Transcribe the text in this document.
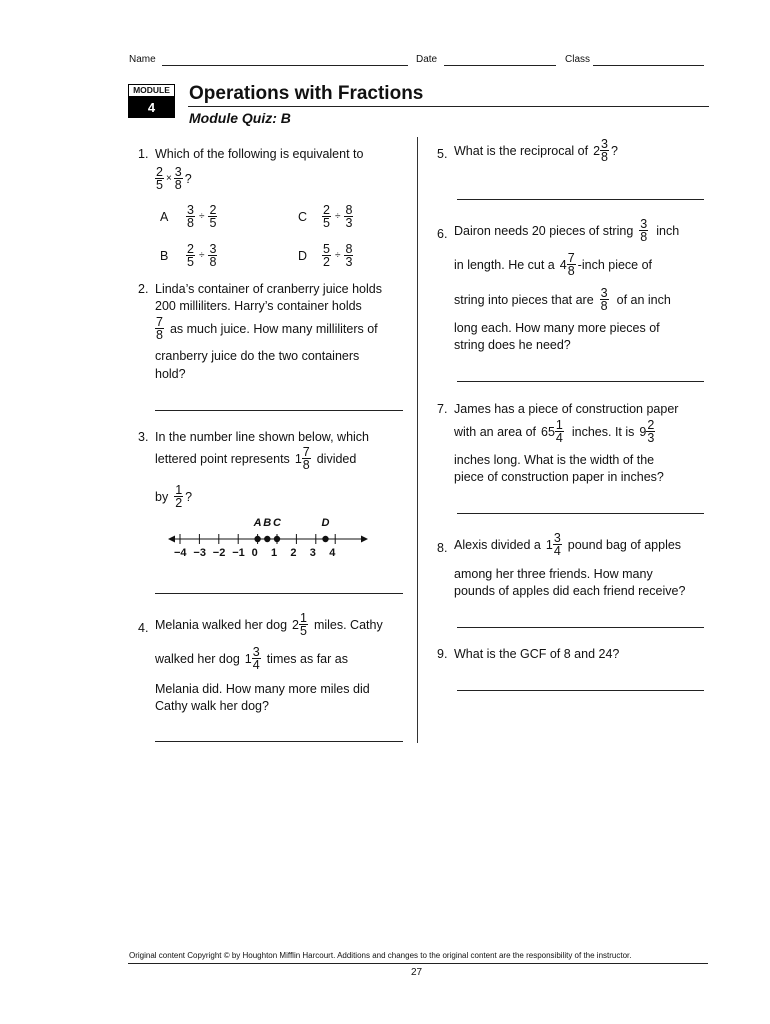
Name	Date	Class
MODULE
4
Operations with Fractions
Module Quiz: B
1. Which of the following is equivalent to
$\frac{2}{5} \times \frac{3}{8}$ ?
A	$\frac{3}{8} \div \frac{2}{5}$	C	$\frac{2}{5} \div \frac{8}{3}$
B	$\frac{2}{5} \div \frac{3}{8}$	D	$\frac{5}{2} \div \frac{8}{3}$
2. Linda’s container of cranberry juice holds
200 milliliters. Harry’s container holds
$\frac{7}{8}$ as much juice. How many milliliters of
cranberry juice do the two containers
hold?
3. In the number line shown below, which
lettered point represents $1 \frac{7}{8}$ divided
by $\frac{1}{2}$ ?
−4 −3 −2 −1 0 1 2 3 4
A B C	D
4. Melania walked her dog $2 \frac{1}{5}$ miles. Cathy
walked her dog $1 \frac{3}{4}$ times as far as
Melania did. How many more miles did
Cathy walk her dog?
5. What is the reciprocal of $2 \frac{3}{8}$ ?
6. Dairon needs 20 pieces of string $\frac{3}{8}$ inch
in length. He cut a $4 \frac{7}{8}$ -inch piece of
string into pieces that are $\frac{3}{8}$ of an inch
long each. How many more pieces of
string does he need?
7. James has a piece of construction paper
with an area of $65 \frac{1}{4}$ inches. It is $9 \frac{2}{3}$
inches long. What is the width of the
piece of construction paper in inches?
8. Alexis divided a $1 \frac{3}{4}$ pound bag of apples
among her three friends. How many
pounds of apples did each friend receive?
9. What is the GCF of 8 and 24?
Original content Copyright © by Houghton Mifflin Harcourt. Additions and changes to the original content are the responsibility of the instructor.
27
